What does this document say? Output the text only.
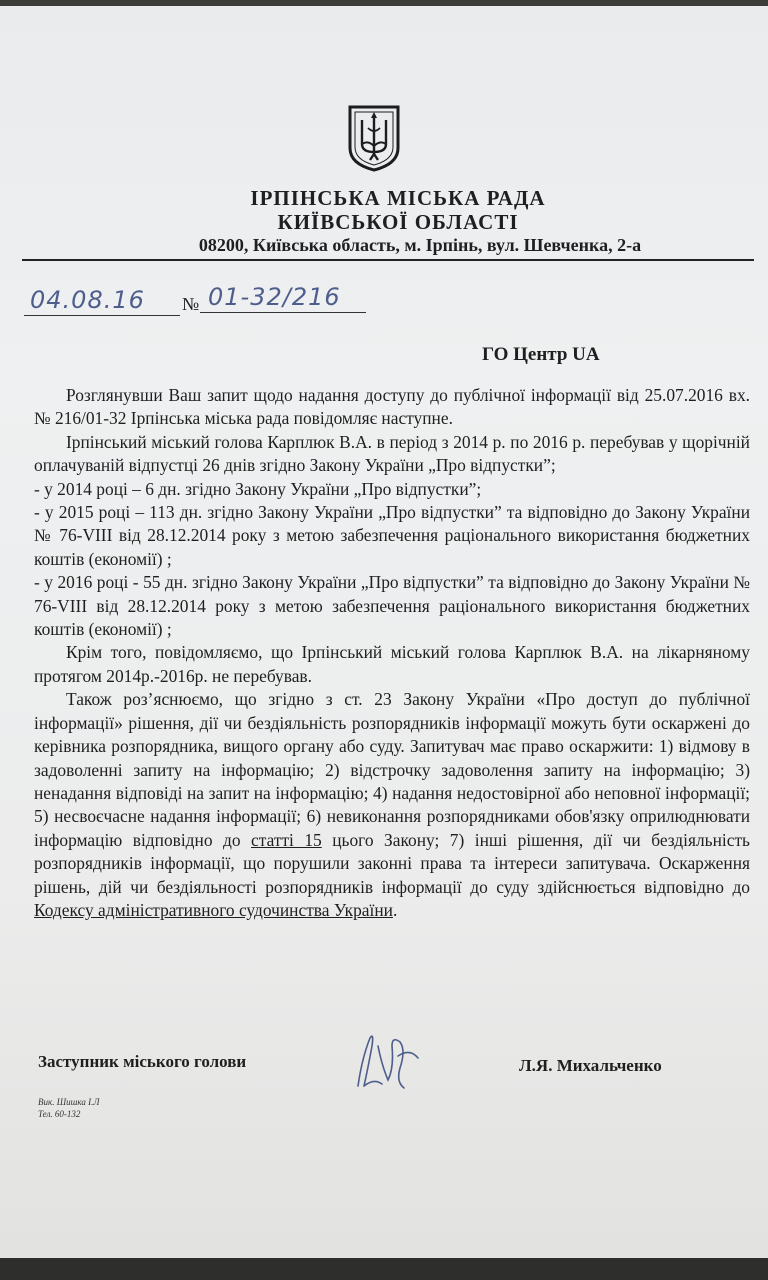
ІРПІНСЬКА МІСЬКА РАДА
КИЇВСЬКОЇ ОБЛАСТІ
08200, Київська область, м. Ірпінь, вул. Шевченка, 2-а
04.08.16 № 01-32/216
ГО Центр UA

Розглянувши Ваш запит щодо надання доступу до публічної інформації від 25.07.2016 вх. № 216/01-32 Ірпінська міська рада повідомляє наступне.

Ірпінський міський голова Карплюк В.А. в період з 2014 р. по 2016 р. перебував у щорічній оплачуваній відпустці 26 днів згідно Закону України „Про відпустки”;

- у 2014 році – 6 дн. згідно Закону України „Про відпустки”;

- у 2015 році – 113 дн. згідно Закону України „Про відпустки” та відповідно до Закону України № 76-VIII від 28.12.2014 року з метою забезпечення раціонального використання бюджетних коштів (економії) ;

- у 2016 році - 55 дн. згідно Закону України „Про відпустки” та відповідно до Закону України № 76-VIII від 28.12.2014 року з метою забезпечення раціонального використання бюджетних коштів (економії) ;

Крім того, повідомляємо, що Ірпінський міський голова Карплюк В.А. на лікарняному протягом 2014р.-2016р. не перебував.

Також роз’яснюємо, що згідно з ст. 23 Закону України «Про доступ до публічної інформації» рішення, дії чи бездіяльність розпорядників інформації можуть бути оскаржені до керівника розпорядника, вищого органу або суду. Запитувач має право оскаржити: 1) відмову в задоволенні запиту на інформацію; 2) відстрочку задоволення запиту на інформацію; 3) ненадання відповіді на запит на інформацію; 4) надання недостовірної або неповної інформації; 5) несвоєчасне надання інформації; 6) невиконання розпорядниками обов'язку оприлюднювати інформацію відповідно до статті 15 цього Закону; 7) інші рішення, дії чи бездіяльність розпорядників інформації, що порушили законні права та інтереси запитувача. Оскарження рішень, дій чи бездіяльності розпорядників інформації до суду здійснюється відповідно до Кодексу адміністративного судочинства України.

Заступник міського голови	Л.Я. Михальченко
Вик. Шишка І.Л
Тел. 60-132
